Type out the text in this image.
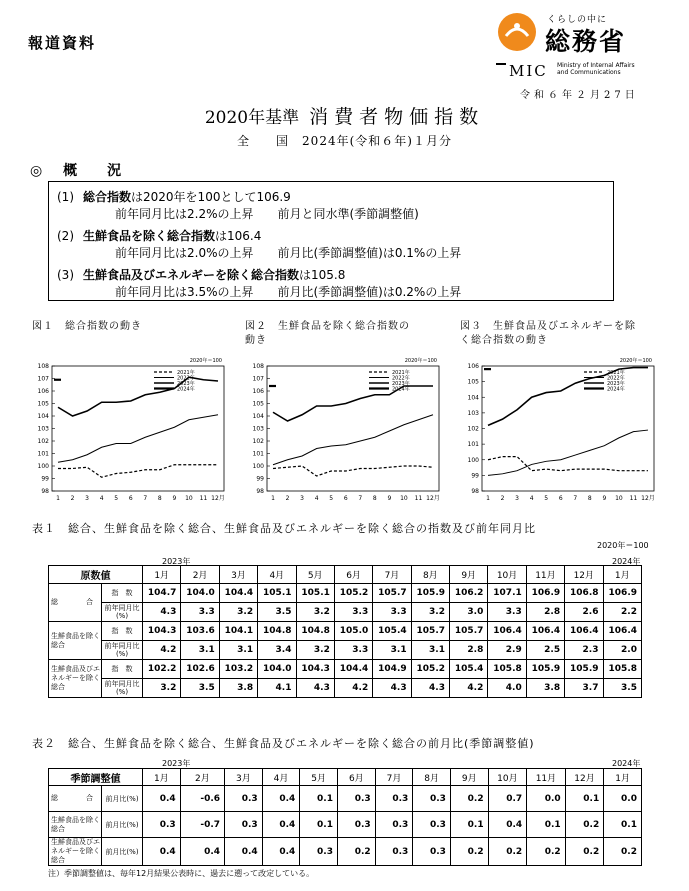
報道資料
くらしの中に
総務省
MIC Ministry of Internal Affairs
and Communications
令和６年２月27日
2020年基準 消費者物価指数
全　　国　2024年(令和６年)１月分
◎ 概　況
(1) 総合指数は2020年を100として106.9
前年同月比は2.2%の上昇　　前月と同水準(季節調整値)
(2) 生鮮食品を除く総合指数は106.4
前年同月比は2.0%の上昇　　前月比(季節調整値)は0.1%の上昇
(3) 生鮮食品及びエネルギーを除く総合指数は105.8
前年同月比は3.5%の上昇　　前月比(季節調整値)は0.2%の上昇
図１　総合指数の動き	図２　生鮮食品を除く総合指数の動き
図３　生鮮食品及びエネルギーを除く総合指数の動き
2020年＝100
98
99
100
101
102
103
104
105
106
107
108
1 2 3 4 5 6 7 8 9 10 11 12月
2021年
2022年
2023年
2024年
2020年＝100
98
99
100
101
102
103
104
105
106
107
108
1 2 3 4 5 6 7 8 9 10 11 12月
2021年
2022年
2023年
2024年
2020年＝100
98
99
100
101
102
103
104
105
106
1 2 3 4 5 6 7 8 9 10 11 12月
2021年
2022年
2023年
2024年
表１　総合、生鮮食品を除く総合、生鮮食品及びエネルギーを除く総合の指数及び前年同月比
2020年＝100
2023年	2024年
原数値		1月	2月	3月	4月	5月	6月	7月	8月	9月	10月	11月	12月	1月
総　　　　合	指　数	104.7	104.0	104.4	105.1	105.1	105.2	105.7	105.9	106.2	107.1	106.9	106.8	106.9
	前年同月比(%)	4.3	3.3	3.2	3.5	3.2	3.3	3.3	3.2	3.0	3.3	2.8	2.6	2.2
生鮮食品を除く総合	指　数	104.3	103.6	104.1	104.8	104.8	105.0	105.4	105.7	105.7	106.4	106.4	106.4	106.4
	前年同月比(%)	4.2	3.1	3.1	3.4	3.2	3.3	3.1	3.1	2.8	2.9	2.5	2.3	2.0
生鮮食品及びエネルギーを除く総合	指　数	102.2	102.6	103.2	104.0	104.3	104.4	104.9	105.2	105.4	105.8	105.9	105.9	105.8
	前年同月比(%)	3.2	3.5	3.8	4.1	4.3	4.2	4.3	4.3	4.2	4.0	3.8	3.7	3.5
表２　総合、生鮮食品を除く総合、生鮮食品及びエネルギーを除く総合の前月比(季節調整値)
2023年	2024年
季節調整値		1月	2月	3月	4月	5月	6月	7月	8月	9月	10月	11月	12月	1月
総　　　　合	前月比(%)	0.4	-0.6	0.3	0.4	0.1	0.3	0.3	0.3	0.2	0.7	0.0	0.1	0.0
生鮮食品を除く総合	前月比(%)	0.3	-0.7	0.3	0.4	0.1	0.3	0.3	0.3	0.1	0.4	0.1	0.2	0.1
生鮮食品及びエネルギーを除く総合	前月比(%)	0.4	0.4	0.4	0.4	0.3	0.2	0.3	0.3	0.2	0.2	0.2	0.2	0.2
注）季節調整値は、毎年12月結果公表時に、過去に遡って改定している。
